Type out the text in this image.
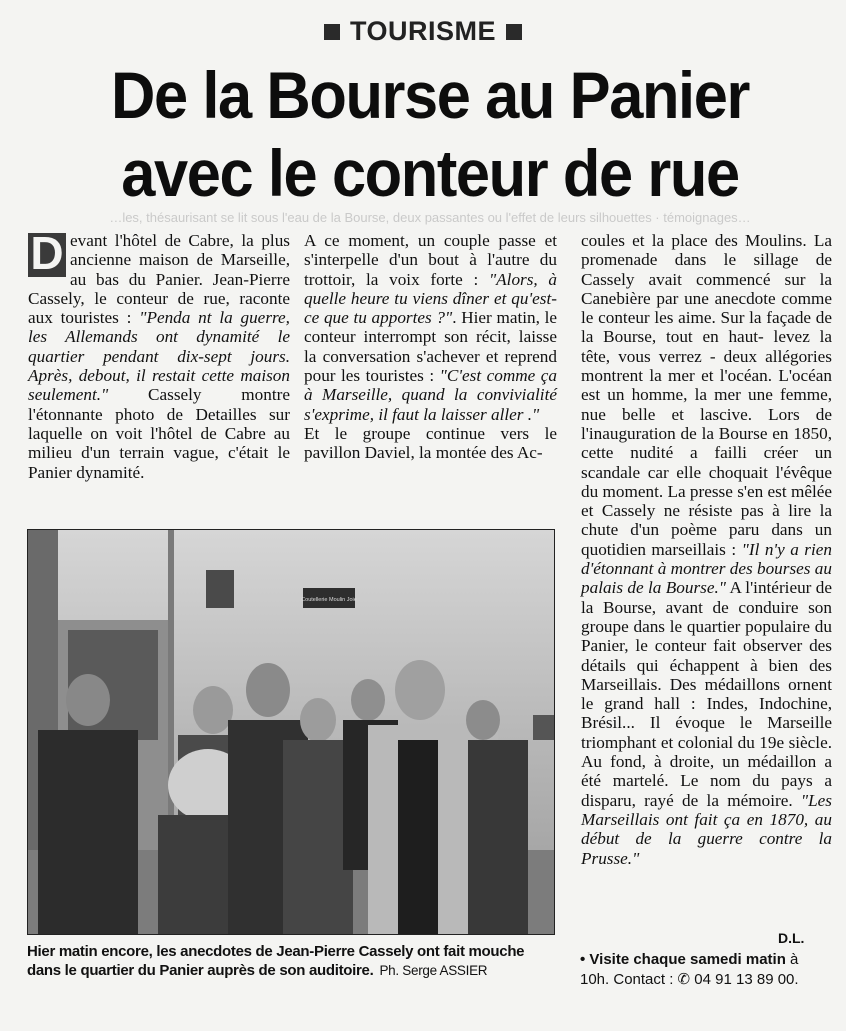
TOURISME
De la Bourse au Panier
avec le conteur de rue
…les, thésaurisant se lit sous l'eau de la Bourse, deux passantes ou l'effet de leurs silhouettes · témoignages…
D evant l'hôtel de Cabre, la plus ancienne maison de Marseille, au bas du Panier. Jean-Pierre Cassely, le conteur de rue, raconte aux touristes : "Penda nt la guerre, les Allemands ont dynamité le quartier pendant dix-sept jours. Après, debout, il restait cette maison seulement." Cassely montre l'étonnante photo de Detailles sur laquelle on voit l'hôtel de Cabre au milieu d'un terrain vague, c'était le Panier dynamité.

A ce moment, un couple passe et s'interpelle d'un bout à l'autre du trottoir, la voix forte : "Alors, à quelle heure tu viens dîner et qu'est-ce que tu apportes ?". Hier matin, le conteur interrompt son récit, laisse la conversation s'achever et reprend pour les touristes : "C'est comme ça à Marseille, quand la convivialité s'exprime, il faut la laisser aller ."

Et le groupe continue vers le pavillon Daviel, la montée des Ac-

coules et la place des Moulins. La promenade dans le sillage de Cassely avait commencé sur la Canebière par une anecdote comme le conteur les aime. Sur la façade de la Bourse, tout en haut- levez la tête, vous verrez - deux allégories montrent la mer et l'océan. L'océan est un homme, la mer une femme, nue belle et lascive. Lors de l'inauguration de la Bourse en 1850, cette nudité a failli créer un scandale car elle choquait l'évêque du moment. La presse s'en est mêlée et Cassely ne résiste pas à lire la chute d'un poème paru dans un quotidien marseillais : "Il n'y a rien d'étonnant à montrer des bourses au palais de la Bourse." A l'intérieur de la Bourse, avant de conduire son groupe dans le quartier populaire du Panier, le conteur fait observer des détails qui échappent à bien des Marseillais. Des médaillons ornent le grand hall : Indes, Indochine, Brésil... Il évoque le Marseille triomphant et colonial du 19e siècle. Au fond, à droite, un médaillon a été martelé. Le nom du pays a disparu, rayé de la mémoire. "Les Marseillais ont fait ça en 1870, au début de la guerre contre la Prusse."
Coutellerie Moulin Joie
Hier matin encore, les anecdotes de Jean-Pierre Cassely ont fait mouche dans le quartier du Panier auprès de son auditoire. Ph. Serge ASSIER
D.L.
• Visite chaque samedi matin à 10h. Contact : ✆ 04 91 13 89 00.
